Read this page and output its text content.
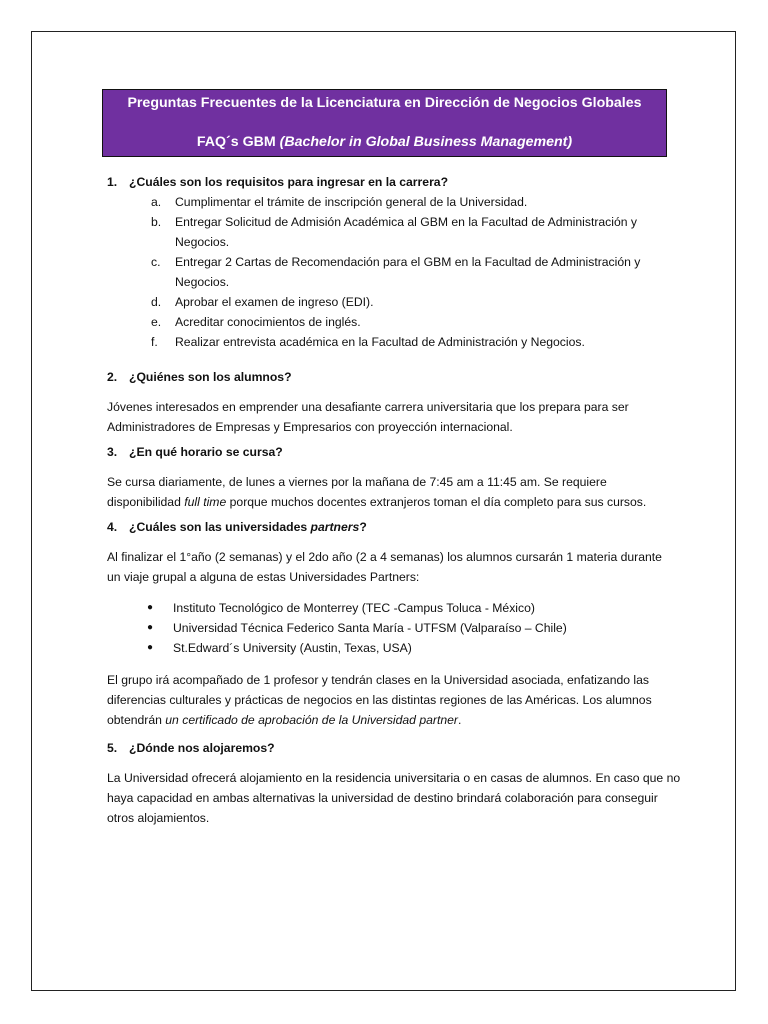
Preguntas Frecuentes de la Licenciatura en Dirección de Negocios Globales
FAQ´s GBM (Bachelor in Global Business Management)
1. ¿Cuáles son los requisitos para ingresar en la carrera?
a.	Cumplimentar el trámite de inscripción general de la Universidad.
b.	Entregar Solicitud de Admisión Académica al GBM en la Facultad de Administración y Negocios.
c.	Entregar 2 Cartas de Recomendación para el GBM en la Facultad de Administración y Negocios.
d.	Aprobar el examen de ingreso (EDI).
e.	Acreditar conocimientos de inglés.
f.	Realizar entrevista académica en la Facultad de Administración y Negocios.
2. ¿Quiénes son los alumnos?

Jóvenes interesados en emprender una desafiante carrera universitaria que los prepara para ser Administradores de Empresas y Empresarios con proyección internacional.

3. ¿En qué horario se cursa?

Se cursa diariamente, de lunes a viernes por la mañana de 7:45 am a 11:45 am. Se requiere disponibilidad full time porque muchos docentes extranjeros toman el día completo para sus cursos.

4. ¿Cuáles son las universidades partners?

Al finalizar el 1°año (2 semanas) y el 2do año (2 a 4 semanas) los alumnos cursarán 1 materia durante un viaje grupal a alguna de estas Universidades Partners:

●	Instituto Tecnológico de Monterrey (TEC -Campus Toluca - México)
●	Universidad Técnica Federico Santa María - UTFSM (Valparaíso – Chile)
●	St.Edward´s University (Austin, Texas, USA)

El grupo irá acompañado de 1 profesor y tendrán clases en la Universidad asociada, enfatizando las diferencias culturales y prácticas de negocios en las distintas regiones de las Américas. Los alumnos obtendrán un certificado de aprobación de la Universidad partner.

5. ¿Dónde nos alojaremos?

La Universidad ofrecerá alojamiento en la residencia universitaria o en casas de alumnos. En caso que no haya capacidad en ambas alternativas la universidad de destino brindará colaboración para conseguir otros alojamientos.
